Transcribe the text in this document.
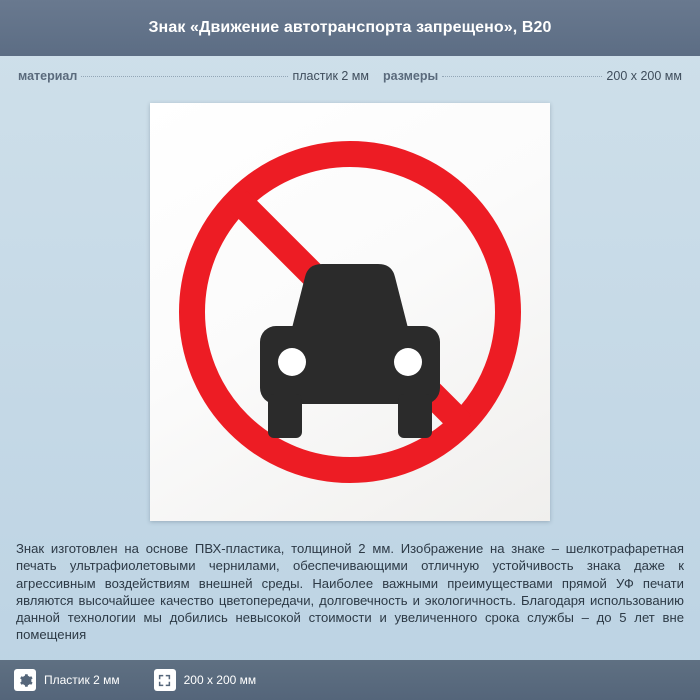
Знак «Движение автотранспорта запрещено», B20
материал	пластик 2 мм размеры	200 x 200 мм
Знак изготовлен на основе ПВХ-пластика, толщиной 2 мм. Изображение на знаке – шелкотрафаретная печать ультрафиолетовыми чернилами, обеспечивающими отличную устойчивость знака даже к агрессивным воздействиям внешней среды. Наиболее важными преимуществами прямой УФ печати являются высочайшее качество цветопередачи, долговечность и экологичность. Благодаря использованию данной технологии мы добились невысокой стоимости и увеличенного срока службы – до 5 лет вне помещения
Пластик 2 мм	200 x 200 мм
